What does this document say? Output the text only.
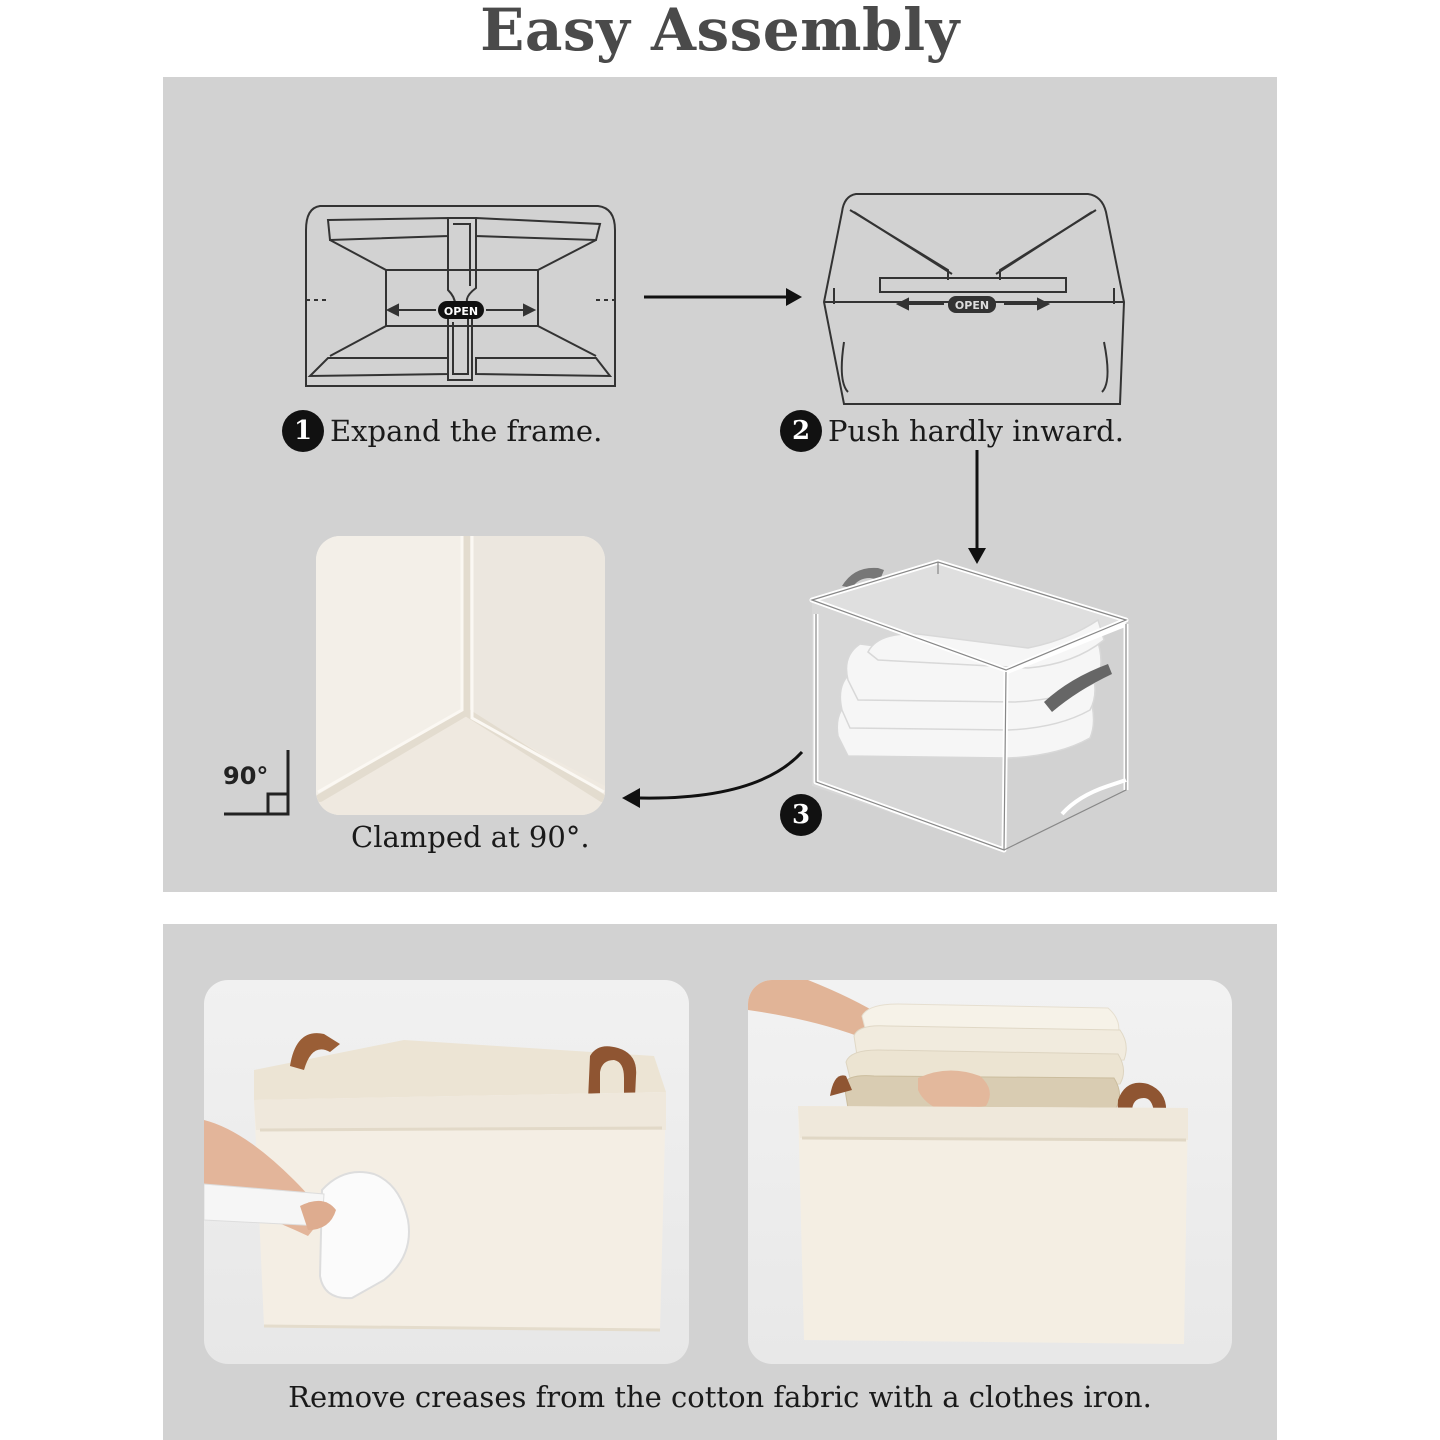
Easy Assembly
OPEN
1 Expand the frame.
OPEN
2 Push hardly inward.
3
90°
Clamped at 90°.
Remove creases from the cotton fabric with a clothes iron.
